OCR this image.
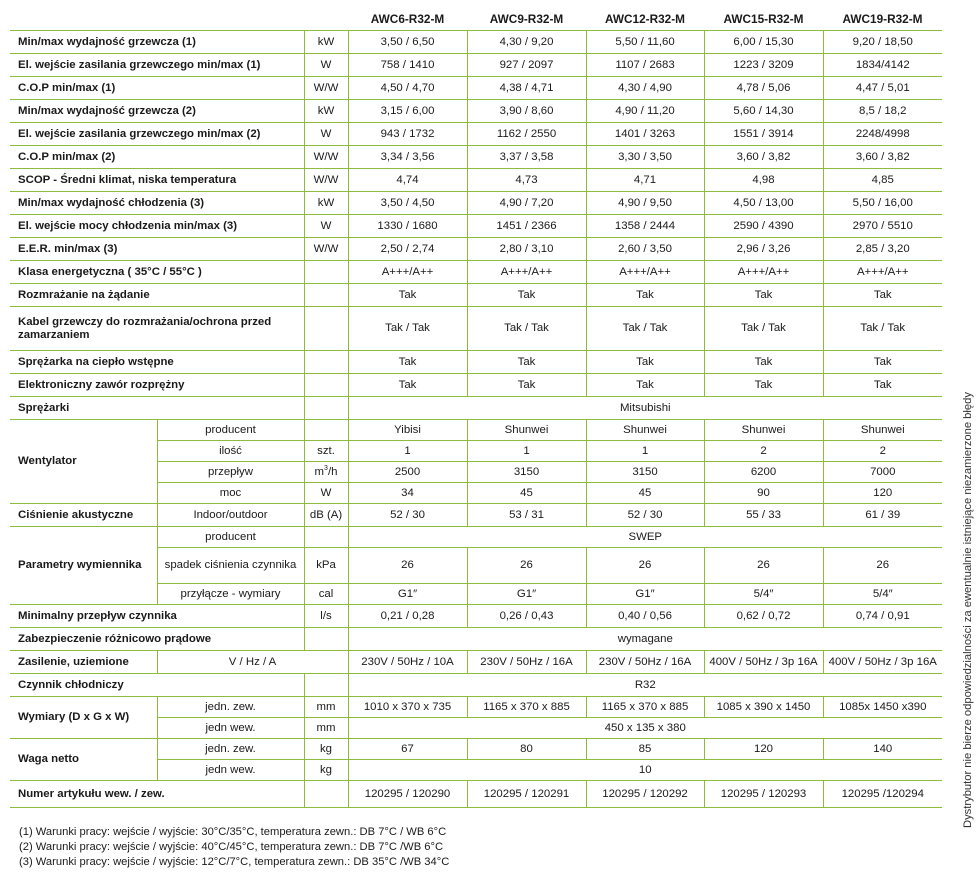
			AWC6-R32-M	AWC9-R32-M	AWC12-R32-M	AWC15-R32-M	AWC19-R32-M
Min/max wydajność grzewcza (1)		kW	3,50 / 6,50	4,30 / 9,20	5,50 / 11,60	6,00 / 15,30	9,20 / 18,50
El. wejście zasilania grzewczego min/max (1)		W	758 / 1410	927 / 2097	1107 / 2683	1223 / 3209	1834/4142
C.O.P min/max (1)		W/W	4,50 / 4,70	4,38 / 4,71	4,30 / 4,90	4,78 / 5,06	4,47 / 5,01
Min/max wydajność grzewcza (2)		kW	3,15 / 6,00	3,90 / 8,60	4,90 / 11,20	5,60 / 14,30	8,5 / 18,2
El. wejście zasilania grzewczego min/max (2)		W	943 / 1732	1162 / 2550	1401 / 3263	1551 / 3914	2248/4998
C.O.P min/max (2)		W/W	3,34 / 3,56	3,37 / 3,58	3,30 / 3,50	3,60 / 3,82	3,60 / 3,82
SCOP - Średni klimat, niska temperatura		W/W	4,74	4,73	4,71	4,98	4,85
Min/max wydajność chłodzenia (3)		kW	3,50 / 4,50	4,90 / 7,20	4,90 / 9,50	4,50 / 13,00	5,50 / 16,00
El. wejście mocy chłodzenia min/max (3)		W	1330 / 1680	1451 / 2366	1358 / 2444	2590 / 4390	2970 / 5510
E.E.R. min/max (3)		W/W	2,50 / 2,74	2,80 / 3,10	2,60 / 3,50	2,96 / 3,26	2,85 / 3,20
Klasa energetyczna ( 35°C / 55°C )			A+++/A++	A+++/A++	A+++/A++	A+++/A++	A+++/A++
Rozmrażanie na żądanie			Tak	Tak	Tak	Tak	Tak
Kabel grzewczy do rozmrażania/ochrona przed zamarzaniem			Tak / Tak	Tak / Tak	Tak / Tak	Tak / Tak	Tak / Tak
Sprężarka na ciepło wstępne			Tak	Tak	Tak	Tak	Tak
Elektroniczny zawór rozprężny			Tak	Tak	Tak	Tak	Tak
Sprężarki			Mitsubishi				
Wentylator	producent		Yibisi	Shunwei	Shunwei	Shunwei	Shunwei
	ilość	szt.	1	1	1	2	2
	przepływ	$m^3/h$	2500	3150	3150	6200	7000
	moc	W	34	45	45	90	120
Ciśnienie akustyczne	Indoor/outdoor	dB (A)	52 / 30	53 / 31	52 / 30	55 / 33	61 / 39
Parametry wymiennika	producent		SWEP				
	spadek ciśnienia czynnika	kPa	26	26	26	26	26
	przyłącze - wymiary	cal	G1″	G1″	G1″	5/4″	5/4″
Minimalny przepływ czynnika		l/s	0,21 / 0,28	0,26 / 0,43	0,40 / 0,56	0,62 / 0,72	0,74 / 0,91
Zabezpieczenie różnicowo prądowe			wymagane				
Zasilenie, uziemione	V / Hz / A		230V / 50Hz / 10A	230V / 50Hz / 16A	230V / 50Hz / 16A	400V / 50Hz / 3p 16A	400V / 50Hz / 3p 16A
Czynnik chłodniczy			R32				
Wymiary (D x G x W)	jedn. zew.	mm	1010 x 370 x 735	1165 x 370 x 885	1165 x 370 x 885	1085 x 390 x 1450	1085x 1450 x390
	jedn wew.	mm	450 x 135 x 380				
Waga netto	jedn. zew.	kg	67	80	85	120	140
	jedn wew.	kg	10				
Numer artykułu wew. / zew.			120295 / 120290	120295 / 120291	120295 / 120292	120295 / 120293	120295 /120294
(1) Warunki pracy: wejście / wyjście: 30°C/35°C, temperatura zewn.: DB 7°C / WB 6°C
(2) Warunki pracy: wejście / wyjście: 40°C/45°C, temperatura zewn.: DB 7°C /WB 6°C
(3) Warunki pracy: wejście / wyjście: 12°C/7°C, temperatura zewn.: DB 35°C /WB 34°C
Dystrybutor nie bierze odpowiedzialności za ewentualnie istniejące niezamierzone błędy
